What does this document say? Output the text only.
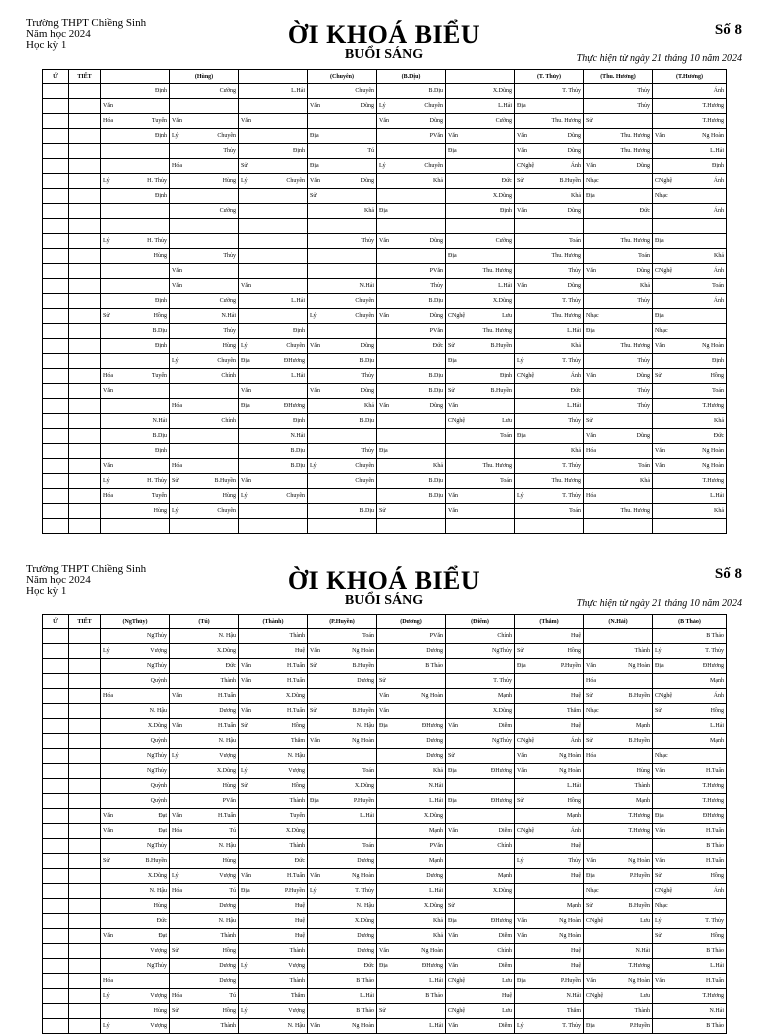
Trường THPT Chiềng Sinh
Năm học 2024
Học kỳ 1	ỜI KHOÁ BIỂU
BUỔI SÁNG
Số 8
Thực hiện từ ngày 21 tháng 10 năm 2024
Ứ	TIẾT		(Hùng)		(Chuyên)	(B.Dịu)		(T. Thủy)	(Thu. Hương)	(T.Hương)

		Định	Cường	L.Hải	Chuyên	B.Dịu	X.Dũng	T. Thủy	Thủy	Ánh

		Văn			Văn Dũng	Lý Chuyên	L.Hải	Địa	Thủy	T.Hương

		Hóa Tuyến	Văn	Văn		Văn Dũng	Cường	Thu. Hương	Sử	T.Hương

		Định	Lý Chuyên		Địa	PVăn	Văn	Văn Dũng	Thu. Hương	Văn Ng Hoàn

			Thủy	Định	Tú		Địa	Văn Dũng	Thu. Hương	L.Hải

			Hóa	Sử	Địa	Lý Chuyên		CNghệ Ánh	Văn Dũng	Định

		Lý H. Thủy	Hùng	Lý Chuyên	Văn Dũng	Khả	Đức	Sử B.Huyền	Nhạc	CNghệ Ánh

		Định			Sử		X.Dũng	Khả	Địa	Nhạc

			Cường		Khả	Địa	Định	Văn Dũng	Đức	Ánh

		Lý H. Thủy			Thủy	Văn Dũng	Cường	Toán	Thu. Hương	Địa

		Hùng	Thủy				Địa	Thu. Hương	Toán	Khả

			Văn			PVăn	Thu. Hương	Thủy	Văn Dũng	CNghệ Ánh

			Văn	Văn	N.Hải	Thủy	L.Hải	Văn Dũng	Khả	Toán

		Định	Cường	L.Hải	Chuyên	B.Dịu	X.Dũng	T. Thủy	Thủy	Ánh

		Sử Hồng	N.Hải		Lý Chuyên	Văn Dũng	CNghệ Lưu	Thu. Hương	Nhạc	Địa

		B.Dịu	Thủy	Định		PVăn	Thu. Hương	L.Hải	Địa	Nhạc

		Định	Hùng	Lý Chuyên	Văn Dũng	Đức	Sử B.Huyền	Khả	Thu. Hương	Văn Ng Hoàn

			Lý Chuyên	Địa ĐHương	B.Dịu		Địa	Lý T. Thủy	Thủy	Định

		Hóa Tuyến	Chính	L.Hải	Thủy	B.Dịu	Định	CNghệ Ánh	Văn Dũng	Sử Hồng

		Văn		Văn	Văn Dũng	B.Dịu	Sử B.Huyền	Đức	Thủy	Toán

			Hóa	Địa ĐHương	Khả	Văn Dũng	Văn	L.Hải	Thủy	T.Hương

		N.Hải	Chính	Định	B.Dịu		CNghệ Lưu	Thủy	Sử	Khả

		B.Dịu		N.Hải			Toán	Địa	Văn Dũng	Đức

		Định		B.Dịu	Thủy	Địa		Khả	Hóa	Văn Ng Hoàn

		Văn	Hóa	B.Dịu	Lý Chuyên	Khả	Thu. Hương	T. Thủy	Toán	Văn Ng Hoàn

		Lý H. Thủy	Sử B.Huyền	Văn	Chuyên	B.Dịu	Toán	Thu. Hương	Khả	T.Hương

		Hóa Tuyến	Hùng	Lý Chuyên		B.Dịu	Văn	Lý T. Thủy	Hóa	L.Hải

		Hùng	Lý Chuyên		B.Dịu	Sử	Văn	Toán	Thu. Hương	Khả

Trường THPT Chiềng Sinh
Năm học 2024
Học kỳ 1	ỜI KHOÁ BIỂU
BUỔI SÁNG
Số 8
Thực hiện từ ngày 21 tháng 10 năm 2024
Ứ	TIẾT	(NgThủy)	(Tú)	(Thành)	(P.Huyền)	(Dương)	(Điểm)	(Thắm)	(N.Hải)	(B Thảo)

		NgThủy	N. Hậu	Thành	Toán	PVăn	Chính	Huệ		B Thảo

		Lý Vượng	X.Dũng	Huệ	Văn Ng Hoàn	Dương	NgThủy	Sử Hồng	Thành	Lý T. Thủy

		NgThủy	Đức	Văn H.Tuấn	Sử B.Huyền	B Thảo		Địa P.Huyền	Văn Ng Hoàn	Địa ĐHương

		Quỳnh	Thành	Văn H.Tuấn	Dương	Sử	T. Thủy		Hóa	Mạnh

		Hóa	Văn H.Tuấn	X.Dũng		Văn Ng Hoàn	Mạnh	Huệ	Sử B.Huyền	CNghệ Ánh

		N. Hậu	Dương	Văn H.Tuấn	Sử B.Huyền	Văn	X.Dũng	Thắm	Nhạc	Sử Hồng

		X.Dũng	Văn H.Tuấn	Sử Hồng	N. Hậu	Địa ĐHương	Văn Diễm	Huệ	Mạnh	L.Hải

		Quỳnh	N. Hậu	Thắm	Văn Ng Hoàn	Dương	NgThủy	CNghệ Ánh	Sử B.Huyền	Mạnh

		NgThủy	Lý Vượng	N. Hậu		Dương	Sử	Văn Ng Hoàn	Hóa	Nhạc

		NgThủy	X.Dũng	Lý Vượng	Toán	Khả	Địa ĐHương	Văn Ng Hoàn	Hùng	Văn H.Tuấn

		Quỳnh	Hùng	Sử Hồng	X.Dũng	N.Hải		L.Hải	Thành	T.Hương

		Quỳnh	PVăn	Thành	Địa P.Huyền	L.Hải	Địa ĐHương	Sử Hồng	Mạnh	T.Hương

		Văn Đạt	Văn H.Tuấn	Tuyến	L.Hải	X.Dũng		Mạnh	T.Hương	Địa ĐHương

		Văn Đạt	Hóa Tú	X.Dũng		Mạnh	Văn Diễm	CNghệ Ánh	T.Hương	Văn H.Tuấn

		NgThủy	N. Hậu	Thành	Toán	PVăn	Chính	Huệ		B Thảo

		Sử B.Huyền	Hùng	Đức	Dương	Mạnh		Lý Thủy	Văn Ng Hoàn	Văn H.Tuấn

		X.Dũng	Lý Vượng	Văn H.Tuấn	Văn Ng Hoàn	Dương	Mạnh	Huệ	Địa P.Huyền	Sử Hồng

		N. Hậu	Hóa Tú	Địa P.Huyền	Lý T. Thủy	L.Hải	X.Dũng		Nhạc	CNghệ Ánh

		Hùng	Dương	Huệ	N. Hậu	X.Dũng	Sử	Mạnh	Sử B.Huyền	Nhạc

		Đức	N. Hậu	Huệ	X.Dũng	Khả	Địa ĐHương	Văn Ng Hoàn	CNghệ Lưu	Lý T. Thủy

		Văn Đạt	Thành	Huệ	Dương	Khả	Văn Diễm	Văn Ng Hoàn		Sử Hồng

		Vượng	Sử Hồng	Thành	Dương	Văn Ng Hoàn	Chính	Huệ	N.Hải	B Thảo

		NgThủy	Dương	Lý Vượng	Đức	Địa ĐHương	Văn Diễm	Huệ	T.Hương	L.Hải

		Hóa	Dương	Thành	B Thảo	L.Hải	CNghệ Lưu	Địa P.Huyền	Văn Ng Hoàn	Văn H.Tuấn

		Lý Vượng	Hóa Tú	Thắm	L.Hải	B Thảo	Huệ	N.Hải	CNghệ Lưu	T.Hương

		Hùng	Sử Hồng	Lý Vượng	B Thảo	Sử	CNghệ Lưu	Thắm	Thành	N.Hải

		Lý Vượng	Thành	N. Hậu	Văn Ng Hoàn	L.Hải	Văn Diễm	Lý T. Thủy	Địa P.Huyền	B Thảo
